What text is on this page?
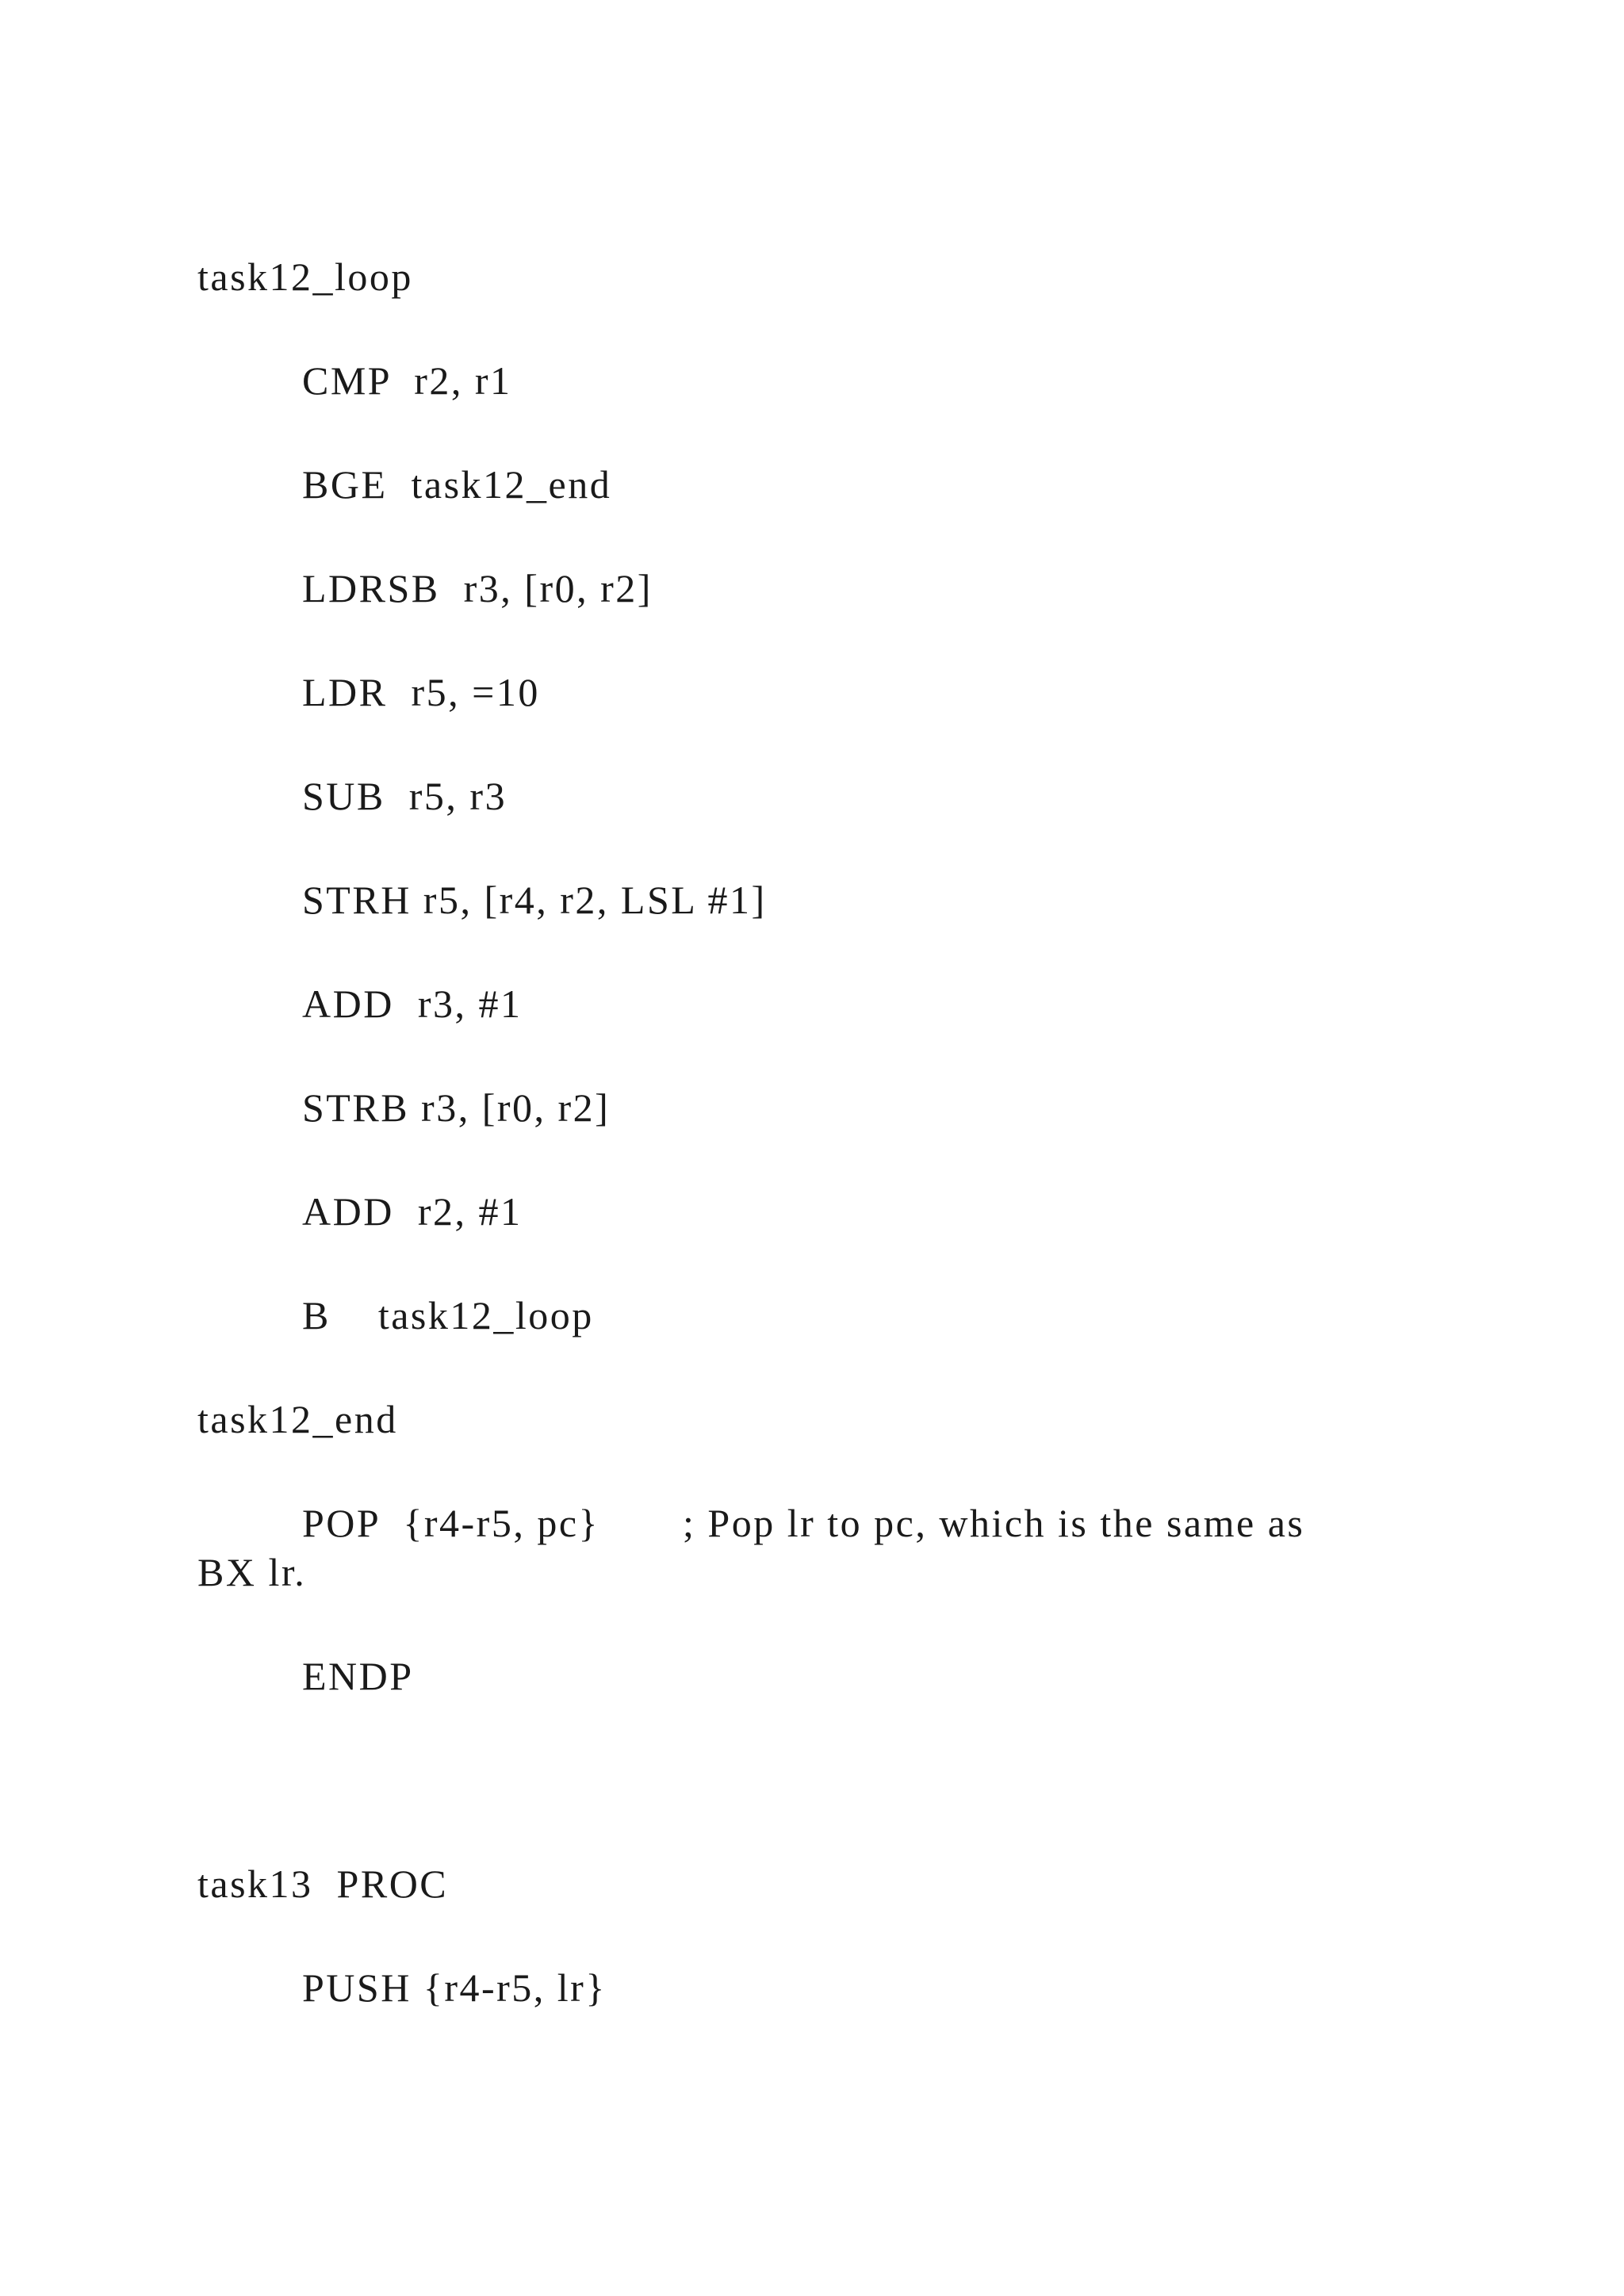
task12_loop

CMP  r2, r1

BGE  task12_end

LDRSB  r3, [r0, r2]

LDR  r5, =10

SUB  r5, r3

STRH r5, [r4, r2, LSL #1]

ADD  r3, #1

STRB r3, [r0, r2]

ADD  r2, #1

B    task12_loop

task12_end

POP  {r4-r5, pc}       ; Pop lr to pc, which is the same as

BX lr.

ENDP

task13  PROC

PUSH {r4-r5, lr}
